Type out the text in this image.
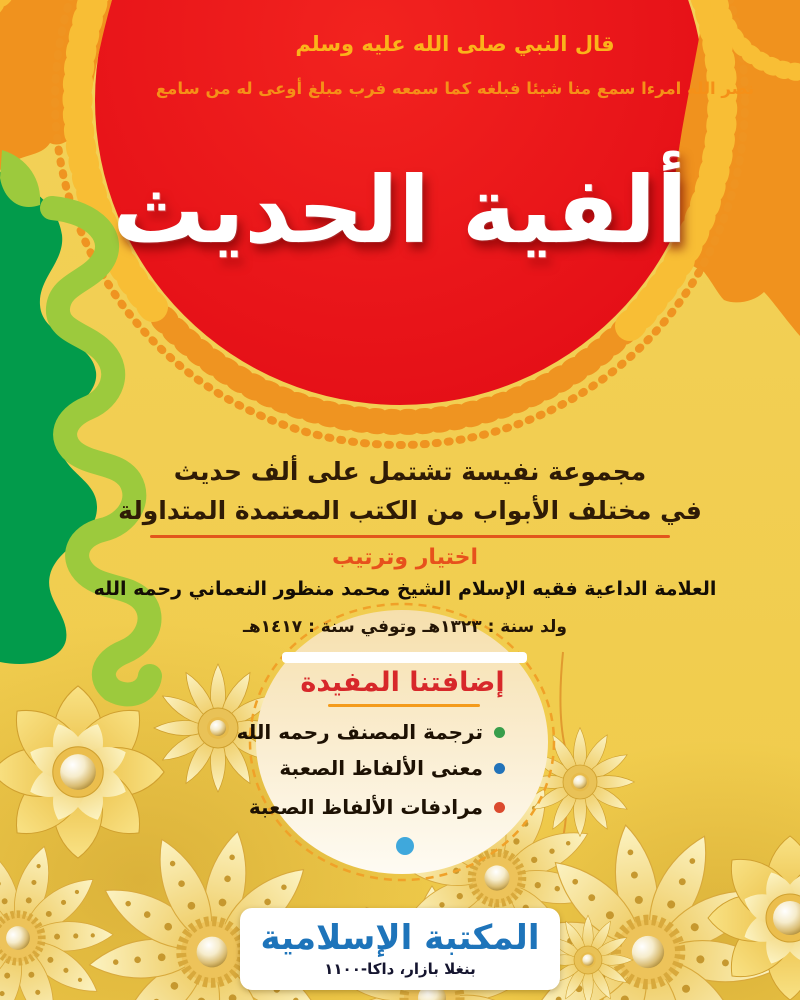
قال النبي صلى الله عليه وسلم
نضر الله امرءا سمع منا شيئا فبلغه كما سمعه فرب مبلغ أوعى له من سامع
ألفية الحديث
مجموعة نفيسة تشتمل على ألف حديث
في مختلف الأبواب من الكتب المعتمدة المتداولة
اختيار وترتيب
العلامة الداعية فقيه الإسلام الشيخ محمد منظور النعماني رحمه الله
ولد سنة : ١٣٢٣هـ وتوفي سنة : ١٤١٧هـ
إضافتنا المفيدة
ترجمة المصنف رحمه الله
معنى الألفاظ الصعبة
مرادفات الألفاظ الصعبة
المكتبة الإسلامية
بنغلا بازار، داكا-١١٠٠
